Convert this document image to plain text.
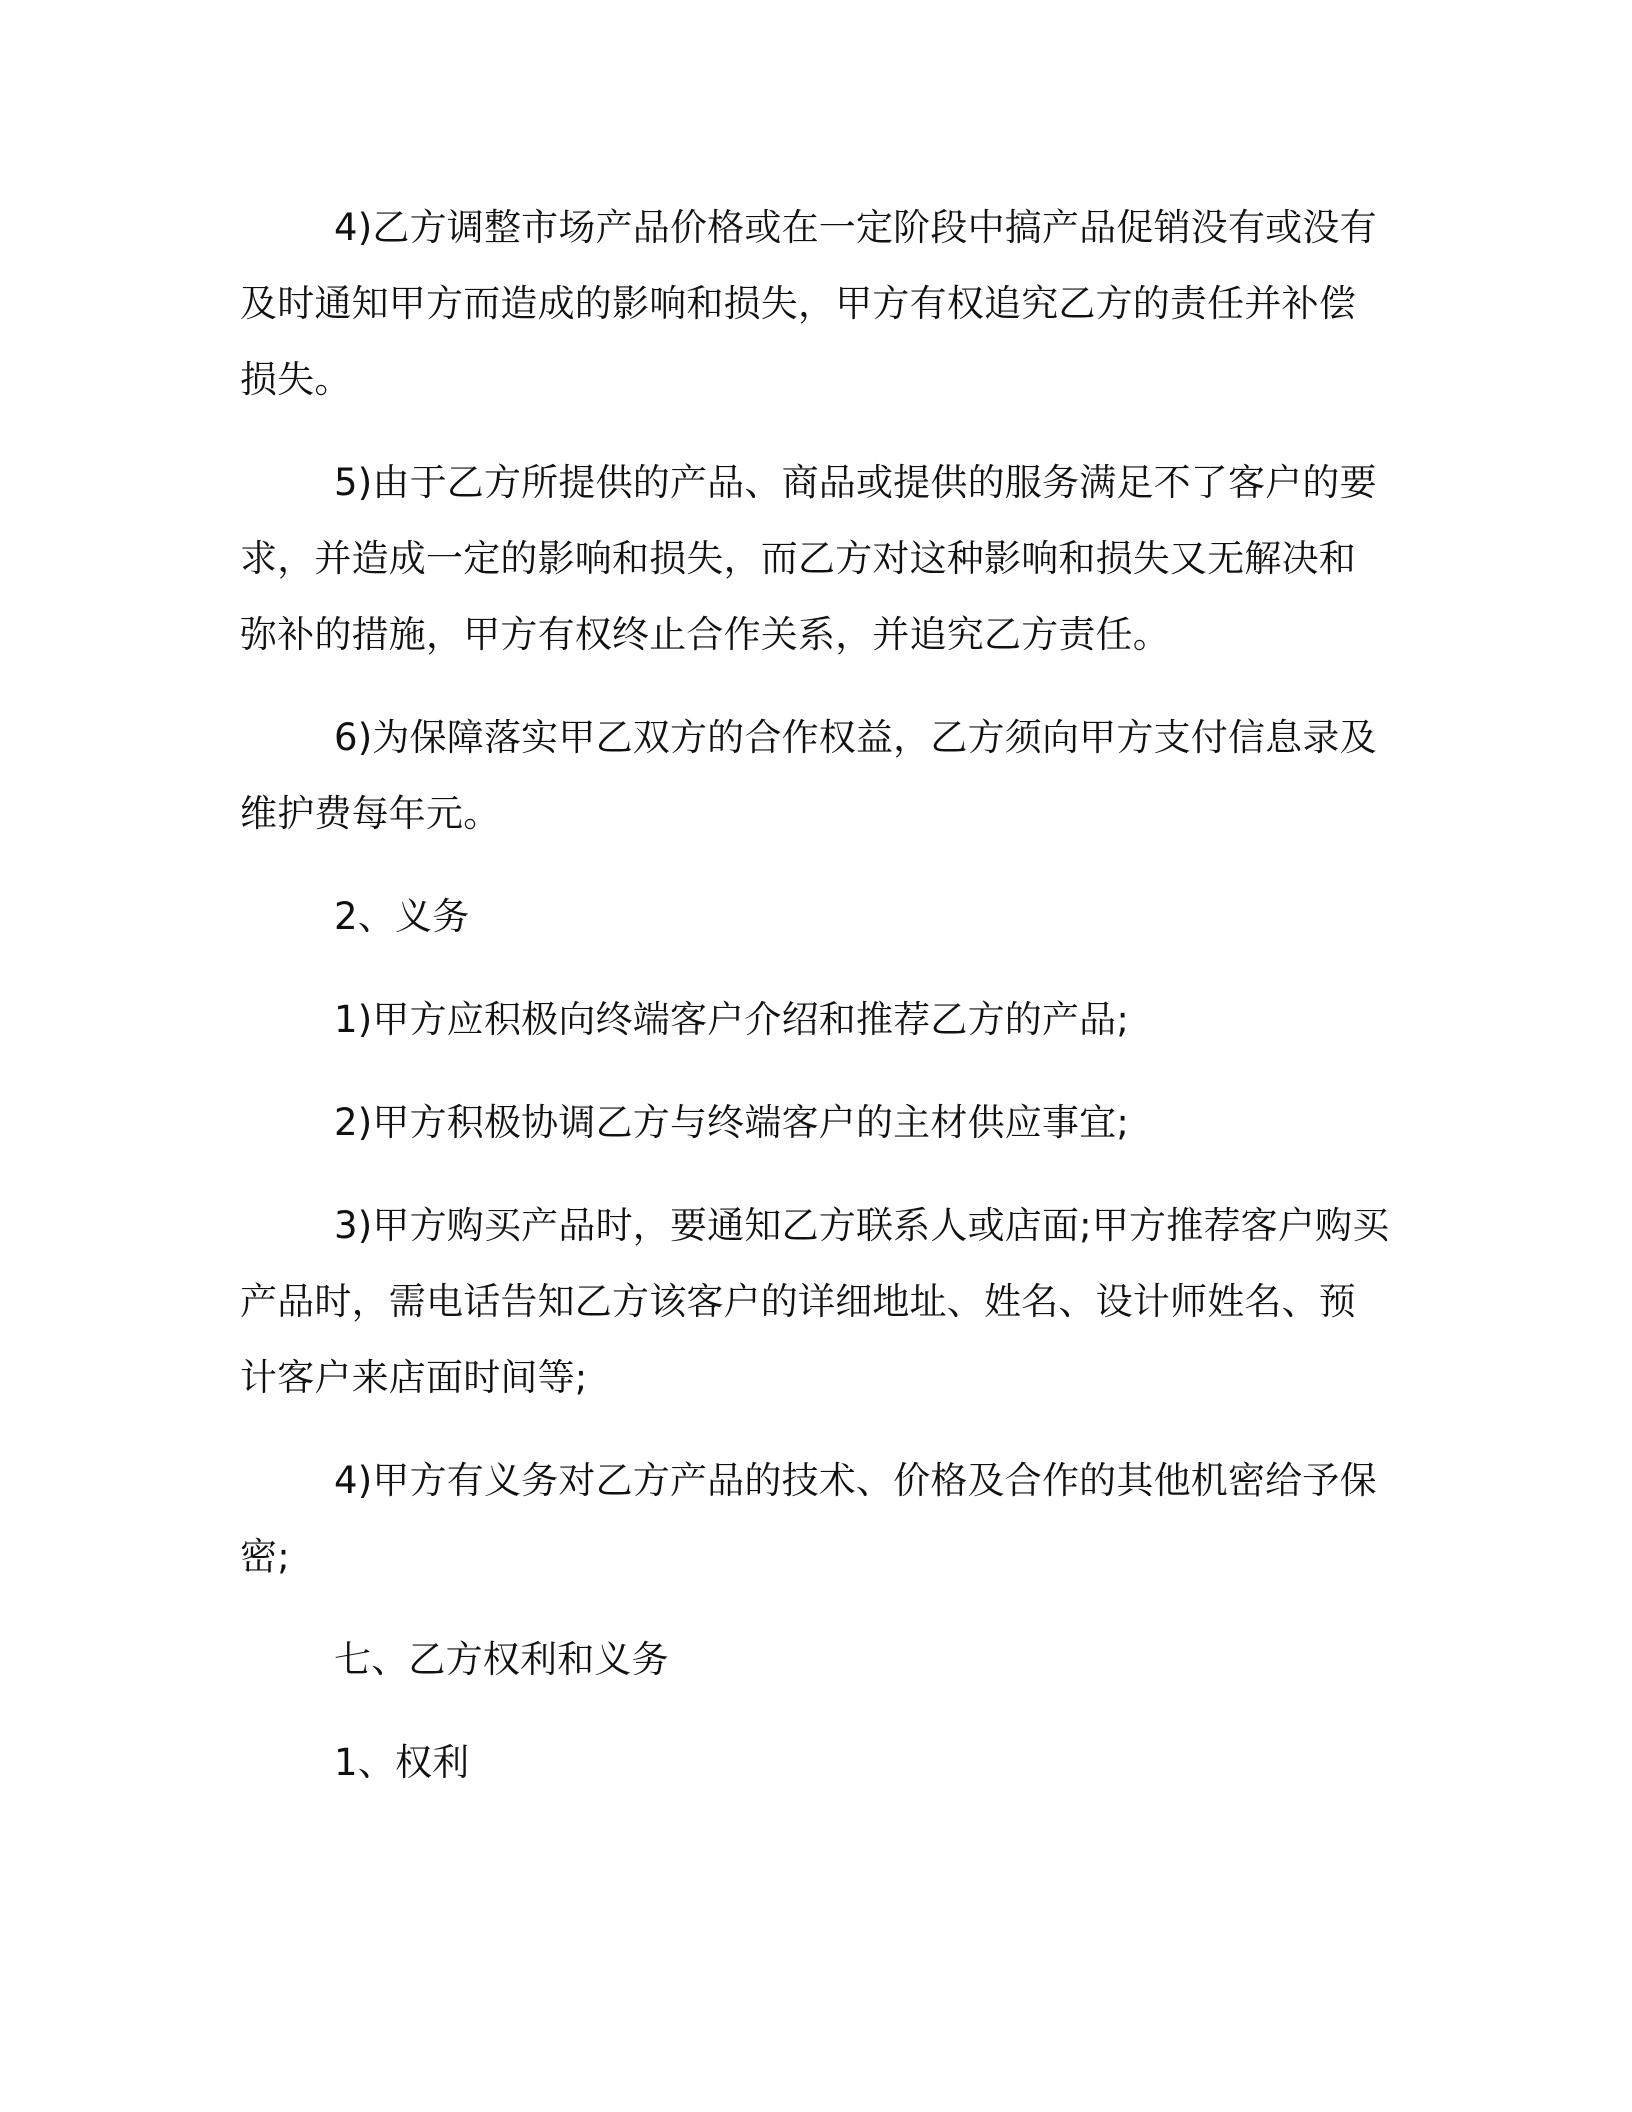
4)乙方调整市场产品价格或在一定阶段中搞产品促销没有或没有
及时通知甲方而造成的影响和损失，甲方有权追究乙方的责任并补偿
损失。

5)由于乙方所提供的产品、商品或提供的服务满足不了客户的要
求，并造成一定的影响和损失，而乙方对这种影响和损失又无解决和
弥补的措施，甲方有权终止合作关系，并追究乙方责任。

6)为保障落实甲乙双方的合作权益，乙方须向甲方支付信息录及
维护费每年元。

2、义务

1)甲方应积极向终端客户介绍和推荐乙方的产品;

2)甲方积极协调乙方与终端客户的主材供应事宜;

3)甲方购买产品时，要通知乙方联系人或店面;甲方推荐客户购买
产品时，需电话告知乙方该客户的详细地址、姓名、设计师姓名、预
计客户来店面时间等;

4)甲方有义务对乙方产品的技术、价格及合作的其他机密给予保
密;

七、乙方权利和义务

1、权利
